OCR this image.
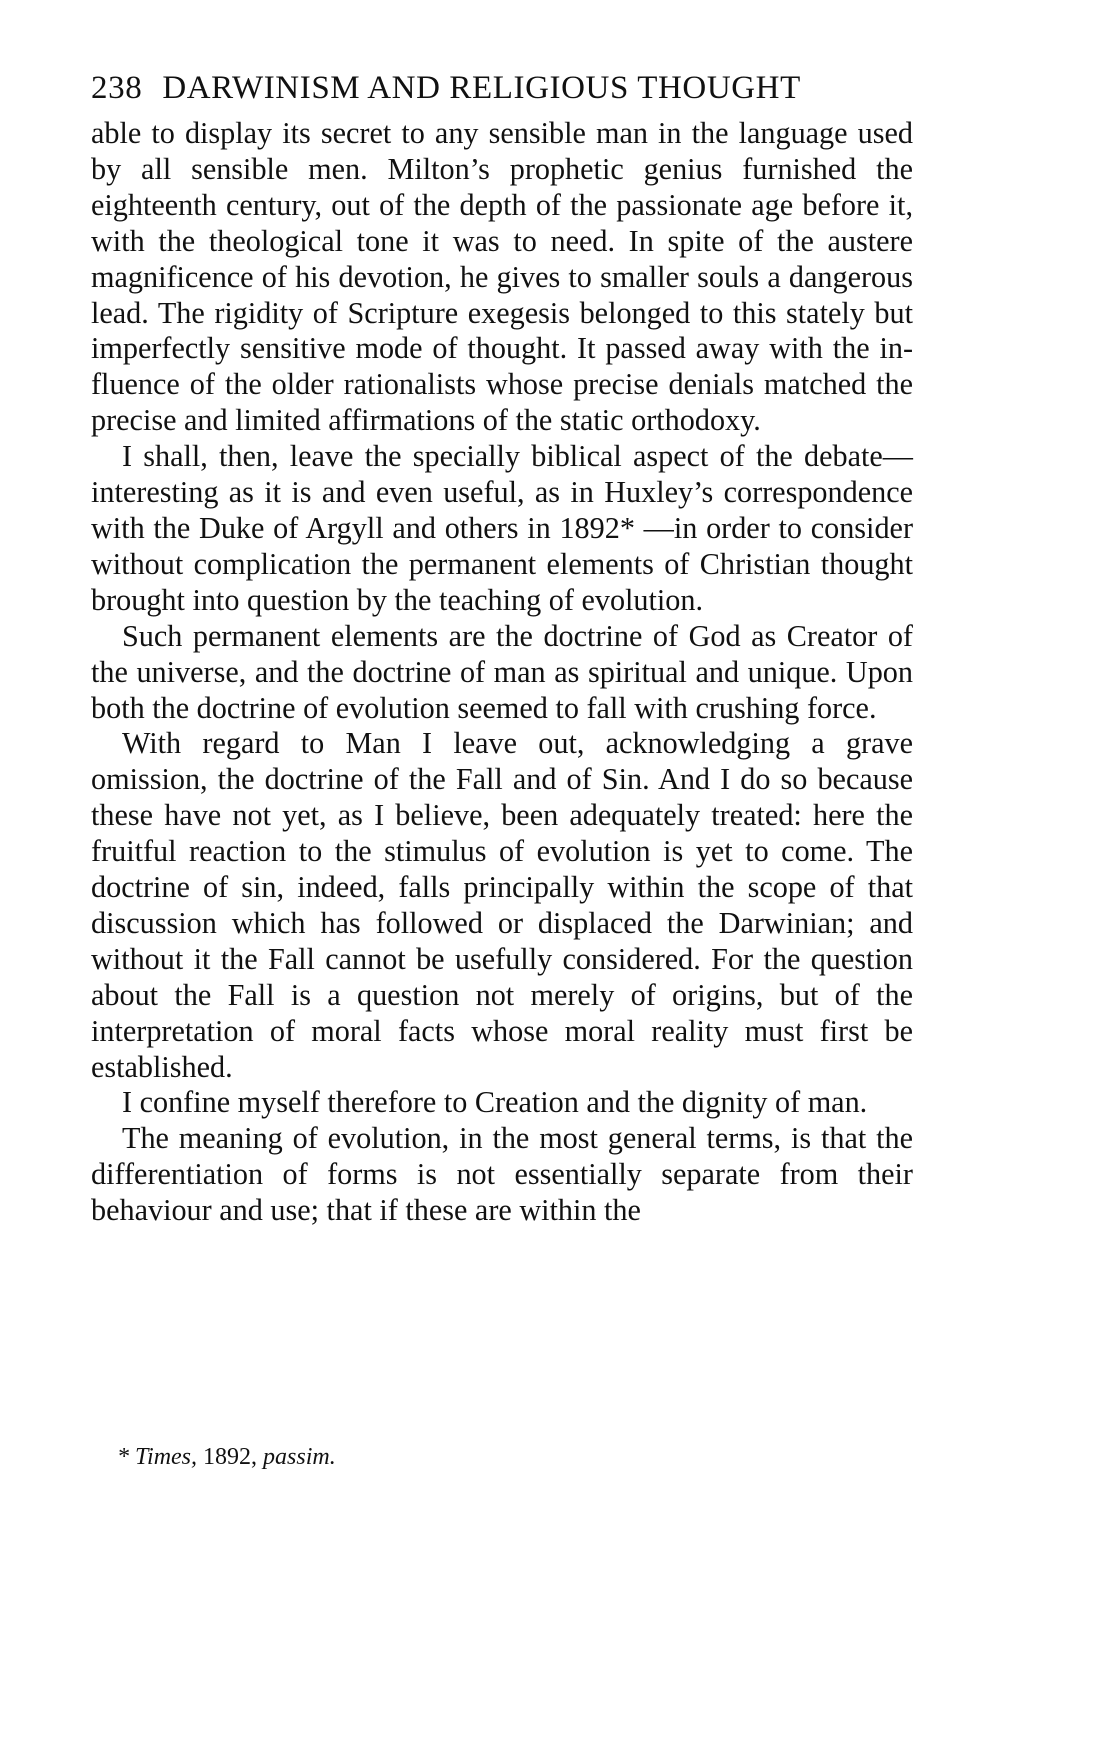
238 DARWINISM AND RELIGIOUS THOUGHT

able to display its secret to any sensible man in the language used by all sensible men. Milton’s prophetic genius furnished the eighteenth century, out of the depth of the passionate age before it, with the theological tone it was to need. In spite of the austere magnificence of his devotion, he gives to smaller souls a dangerous lead. The rigidity of Scripture exegesis belonged to this stately but imperfectly sensitive mode of thought. It passed away with the influence of the older rationalists whose precise denials matched the precise and limited affirmations of the static orthodoxy.

I shall, then, leave the specially biblical aspect of the debate—interesting as it is and even useful, as in Huxley’s correspondence with the Duke of Argyll and others in 1892* —in order to consider without complication the permanent elements of Christian thought brought into question by the teaching of evolution.

Such permanent elements are the doctrine of God as Creator of the universe, and the doctrine of man as spiritual and unique. Upon both the doctrine of evolution seemed to fall with crushing force.

With regard to Man I leave out, acknowledging a grave omission, the doctrine of the Fall and of Sin. And I do so because these have not yet, as I believe, been adequately treated: here the fruitful reaction to the stimulus of evolution is yet to come. The doctrine of sin, indeed, falls principally within the scope of that discussion which has followed or displaced the Darwinian; and without it the Fall cannot be usefully considered. For the question about the Fall is a question not merely of origins, but of the interpretation of moral facts whose moral reality must first be established.

I confine myself therefore to Creation and the dignity of man.

The meaning of evolution, in the most general terms, is that the differentiation of forms is not essentially separate from their behaviour and use; that if these are within the

* Times, 1892, passim.
